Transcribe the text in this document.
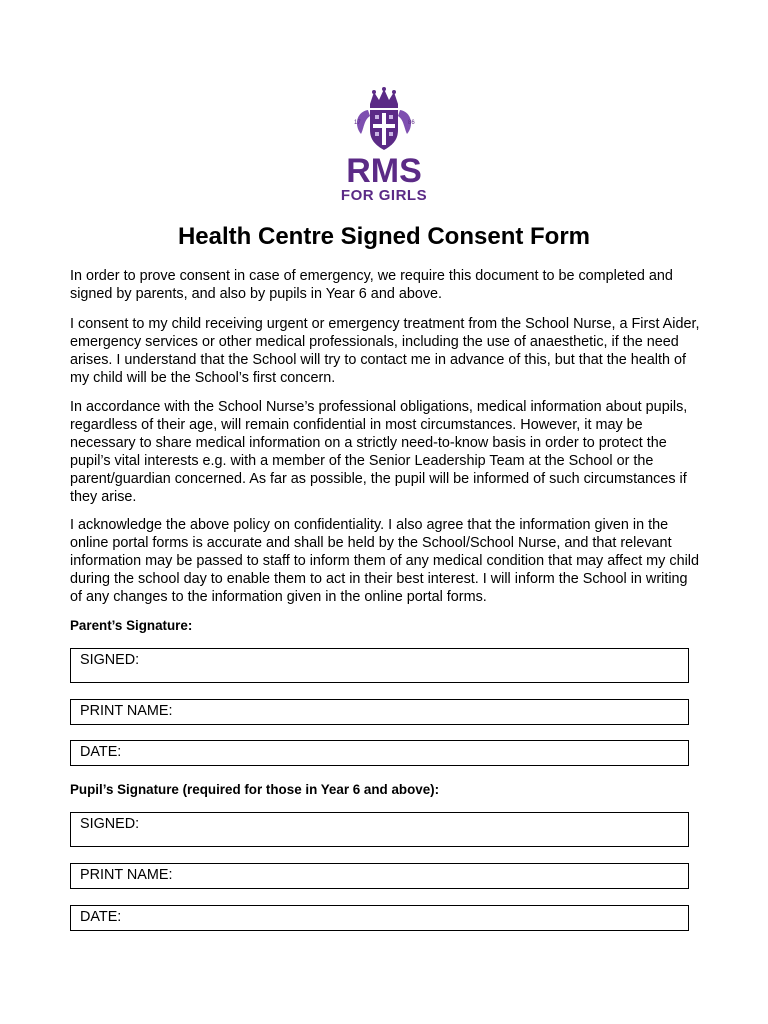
17	86
RMS
FOR GIRLS
Health Centre Signed Consent Form

In order to prove consent in case of emergency, we require this document to be completed and signed by parents, and also by pupils in Year 6 and above.

I consent to my child receiving urgent or emergency treatment from the School Nurse, a First Aider, emergency services or other medical professionals, including the use of anaesthetic, if the need arises. I understand that the School will try to contact me in advance of this, but that the health of my child will be the School’s first concern.

In accordance with the School Nurse’s professional obligations, medical information about pupils, regardless of their age, will remain confidential in most circumstances. However, it may be necessary to share medical information on a strictly need-to-know basis in order to protect the pupil’s vital interests e.g. with a member of the Senior Leadership Team at the School or the parent/guardian concerned. As far as possible, the pupil will be informed of such circumstances if they arise.

I acknowledge the above policy on confidentiality. I also agree that the information given in the online portal forms is accurate and shall be held by the School/School Nurse, and that relevant information may be passed to staff to inform them of any medical condition that may affect my child during the school day to enable them to act in their best interest. I will inform the School in writing of any changes to the information given in the online portal forms.

Parent’s Signature:

SIGNED:
PRINT NAME:
DATE:

Pupil’s Signature (required for those in Year 6 and above):

SIGNED:
PRINT NAME:
DATE:
